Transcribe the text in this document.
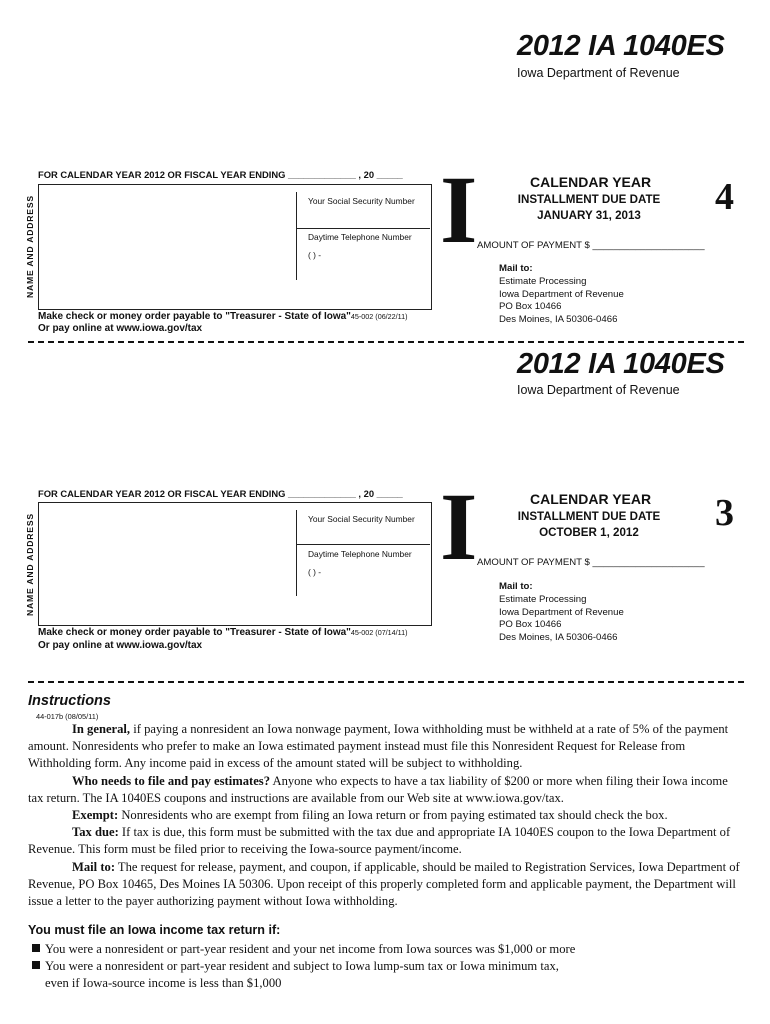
2012 IA 1040ES
Iowa Department of Revenue
FOR CALENDAR YEAR 2012 OR FISCAL YEAR ENDING _____________ , 20 _____
NAME AND ADDRESS	Your Social Security Number
Daytime Telephone Number
( ) -
Make check or money order payable to "Treasurer - State of Iowa"45-002 (06/22/11)
Or pay online at www.iowa.gov/tax
I	CALENDAR YEAR
INSTALLMENT DUE DATE
JANUARY 31, 2013	4
AMOUNT OF PAYMENT $ _____________________
Mail to:
Estimate Processing
Iowa Department of Revenue
PO Box 10466
Des Moines, IA 50306-0466
2012 IA 1040ES
Iowa Department of Revenue
FOR CALENDAR YEAR 2012 OR FISCAL YEAR ENDING _____________ , 20 _____
NAME AND ADDRESS	Your Social Security Number
Daytime Telephone Number
( ) -
Make check or money order payable to "Treasurer - State of Iowa"45-002 (07/14/11)
Or pay online at www.iowa.gov/tax
I	CALENDAR YEAR
INSTALLMENT DUE DATE
OCTOBER 1, 2012	3
AMOUNT OF PAYMENT $ _____________________
Mail to:
Estimate Processing
Iowa Department of Revenue
PO Box 10466
Des Moines, IA 50306-0466
Instructions
44-017b (08/05/11)
In general, if paying a nonresident an Iowa nonwage payment, Iowa withholding must be withheld at a rate of 5% of the payment amount. Nonresidents who prefer to make an Iowa estimated payment instead must file this Nonresident Request for Release from Withholding form. Any income paid in excess of the amount stated will be subject to withholding.
Who needs to file and pay estimates? Anyone who expects to have a tax liability of $200 or more when filing their Iowa income tax return. The IA 1040ES coupons and instructions are available from our Web site at www.iowa.gov/tax.
Exempt: Nonresidents who are exempt from filing an Iowa return or from paying estimated tax should check the box.
Tax due: If tax is due, this form must be submitted with the tax due and appropriate IA 1040ES coupon to the Iowa Department of Revenue. This form must be filed prior to receiving the Iowa-source payment/income.
Mail to: The request for release, payment, and coupon, if applicable, should be mailed to Registration Services, Iowa Department of Revenue, PO Box 10465, Des Moines IA 50306. Upon receipt of this properly completed form and applicable payment, the Department will issue a letter to the payer authorizing payment without Iowa withholding.
You must file an Iowa income tax return if:
You were a nonresident or part-year resident and your net income from Iowa sources was $1,000 or more
You were a nonresident or part-year resident and subject to Iowa lump-sum tax or Iowa minimum tax,
even if Iowa-source income is less than $1,000
